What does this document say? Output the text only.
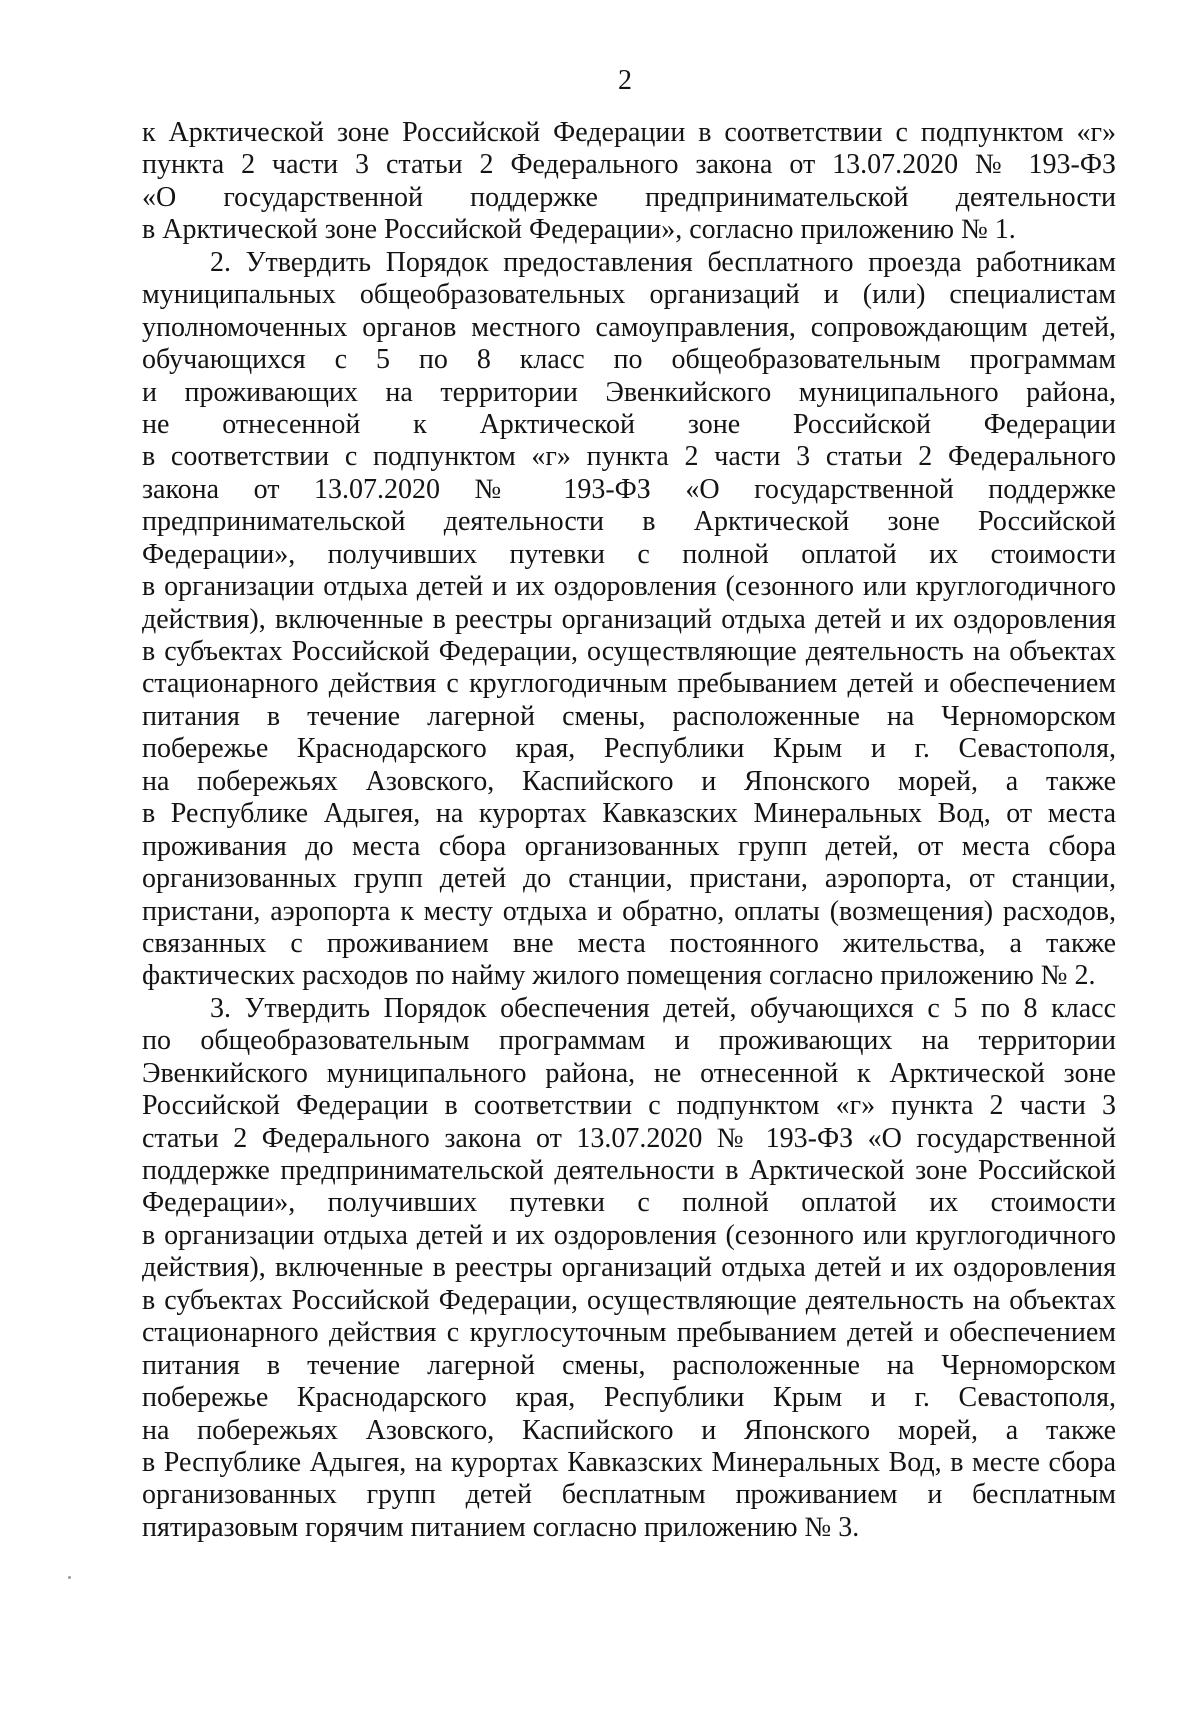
2
к Арктической зоне Российской Федерации в соответствии с подпунктом «г»
пункта 2 части 3 статьи 2 Федерального закона от 13.07.2020 № 193-ФЗ
«О государственной поддержке предпринимательской деятельности
в Арктической зоне Российской Федерации», согласно приложению № 1.
2. Утвердить Порядок предоставления бесплатного проезда работникам
муниципальных общеобразовательных организаций и (или) специалистам
уполномоченных органов местного самоуправления, сопровождающим детей,
обучающихся с 5 по 8 класс по общеобразовательным программам
и проживающих на территории Эвенкийского муниципального района,
не отнесенной к Арктической зоне Российской Федерации
в соответствии с подпунктом «г» пункта 2 части 3 статьи 2 Федерального
закона от 13.07.2020 № 193-ФЗ «О государственной поддержке
предпринимательской деятельности в Арктической зоне Российской
Федерации», получивших путевки с полной оплатой их стоимости
в организации отдыха детей и их оздоровления (сезонного или круглогодичного
действия), включенные в реестры организаций отдыха детей и их оздоровления
в субъектах Российской Федерации, осуществляющие деятельность на объектах
стационарного действия с круглогодичным пребыванием детей и обеспечением
питания в течение лагерной смены, расположенные на Черноморском
побережье Краснодарского края, Республики Крым и г. Севастополя,
на побережьях Азовского, Каспийского и Японского морей, а также
в Республике Адыгея, на курортах Кавказских Минеральных Вод, от места
проживания до места сбора организованных групп детей, от места сбора
организованных групп детей до станции, пристани, аэропорта, от станции,
пристани, аэропорта к месту отдыха и обратно, оплаты (возмещения) расходов,
связанных с проживанием вне места постоянного жительства, а также
фактических расходов по найму жилого помещения согласно приложению № 2.
3. Утвердить Порядок обеспечения детей, обучающихся с 5 по 8 класс
по общеобразовательным программам и проживающих на территории
Эвенкийского муниципального района, не отнесенной к Арктической зоне
Российской Федерации в соответствии с подпунктом «г» пункта 2 части 3
статьи 2 Федерального закона от 13.07.2020 № 193-ФЗ «О государственной
поддержке предпринимательской деятельности в Арктической зоне Российской
Федерации», получивших путевки с полной оплатой их стоимости
в организации отдыха детей и их оздоровления (сезонного или круглогодичного
действия), включенные в реестры организаций отдыха детей и их оздоровления
в субъектах Российской Федерации, осуществляющие деятельность на объектах
стационарного действия с круглосуточным пребыванием детей и обеспечением
питания в течение лагерной смены, расположенные на Черноморском
побережье Краснодарского края, Республики Крым и г. Севастополя,
на побережьях Азовского, Каспийского и Японского морей, а также
в Республике Адыгея, на курортах Кавказских Минеральных Вод, в месте сбора
организованных групп детей бесплатным проживанием и бесплатным
пятиразовым горячим питанием согласно приложению № 3.
